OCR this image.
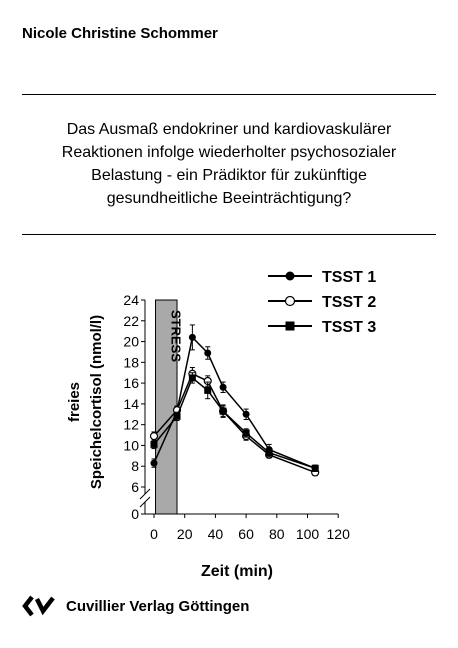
Nicole Christine Schommer
Das Ausmaß endokriner und kardiovaskulärer
Reaktionen infolge wiederholter psychosozialer
Belastung - ein Prädiktor für zukünftige
gesundheitliche Beeinträchtigung?
STRESS
0
6
8
10
12
14
16
18
20
22
24
0 20 40 60 80 100 120
TSST 1
TSST 2
TSST 3
freies Speichelcortisol (nmol/l)
Zeit (min)
Cuvillier Verlag Göttingen
